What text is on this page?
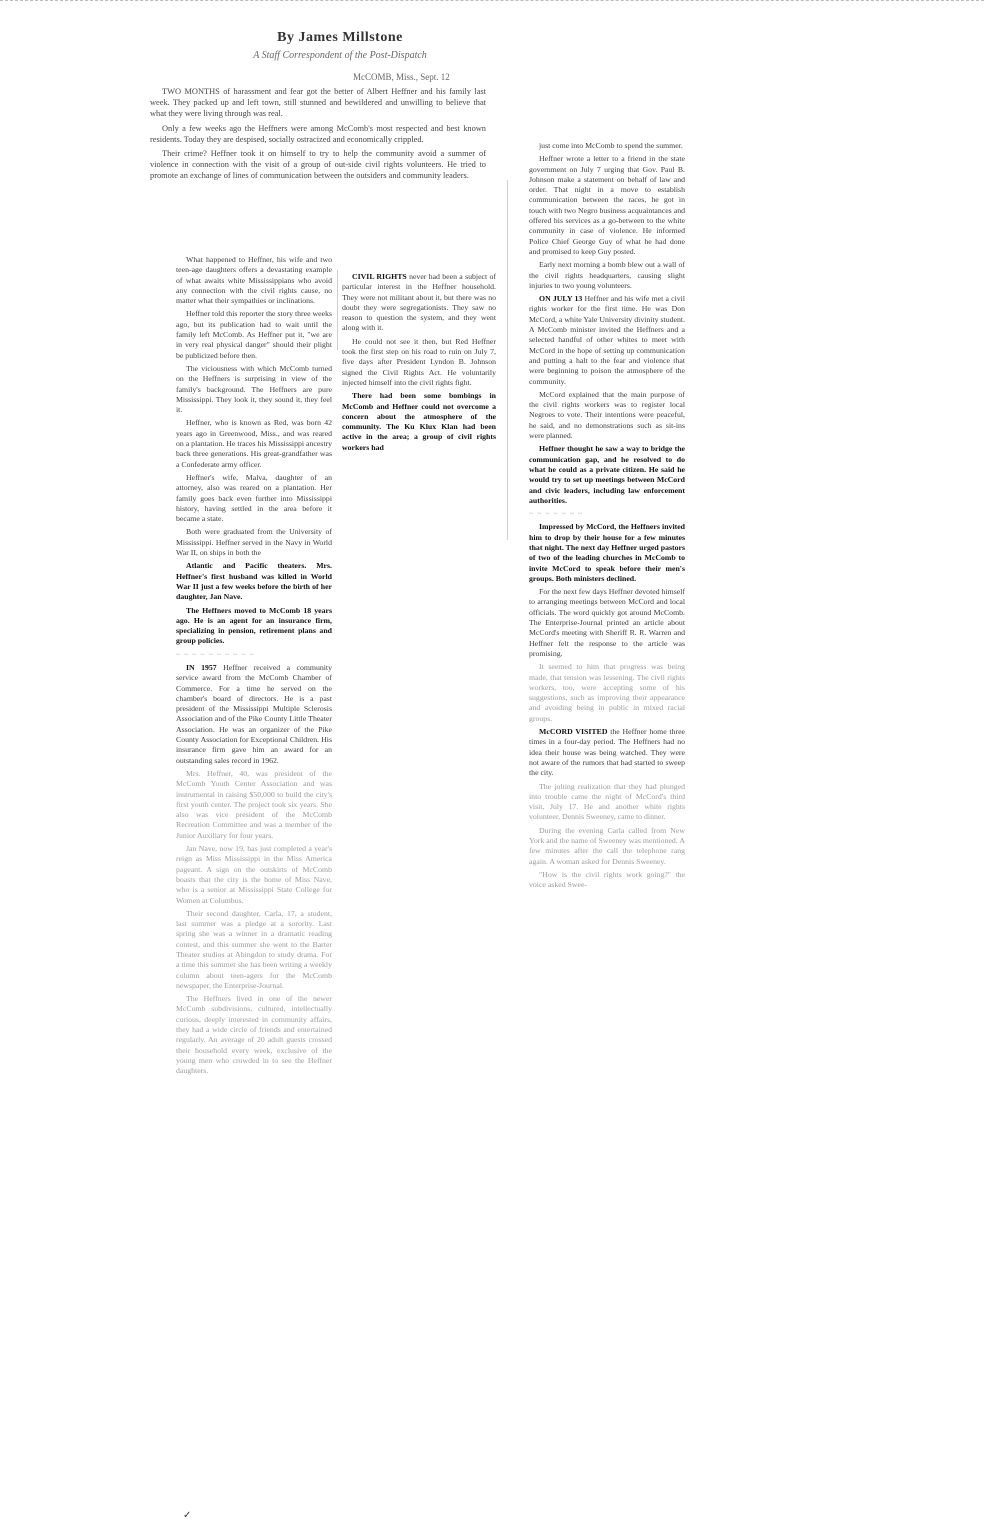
By James Millstone
A Staff Correspondent of the Post-Dispatch
McCOMB, Miss., Sept. 12

TWO MONTHS of harassment and fear got the better of Albert Heffner and his family last week. They packed up and left town, still stunned and bewildered and unwilling to believe that what they were living through was real.

Only a few weeks ago the Heffners were among McComb's most respected and best known residents. Today they are despised, socially ostracized and economically crippled.

Their crime? Heffner took it on himself to try to help the community avoid a summer of violence in connection with the visit of a group of out-side civil rights volunteers. He tried to promote an exchange of lines of communication between the outsiders and community leaders.

What happened to Heffner, his wife and two teen-age daughters offers a devastating example of what awaits white Mississippians who avoid any connection with the civil rights cause, no matter what their sympathies or inclinations.

Heffner told this reporter the story three weeks ago, but its publication had to wait until the family left McComb. As Heffner put it, "we are in very real physical danger" should their plight be publicized before then.

The viciousness with which McComb turned on the Heffners is surprising in view of the family's background. The Heffners are pure Mississippi. They look it, they sound it, they feel it.

Heffner, who is known as Red, was born 42 years ago in Greenwood, Miss., and was reared on a plantation. He traces his Mississippi ancestry back three generations. His great-grandfather was a Confederate army officer.

Heffner's wife, Malva, daughter of an attorney, also was reared on a plantation. Her family goes back even further into Mississippi history, having settled in the area before it became a state.

Both were graduated from the University of Mississippi. Heffner served in the Navy in World War II, on ships in both the

Atlantic and Pacific theaters. Mrs. Heffner's first husband was killed in World War II just a few weeks before the birth of her daughter, Jan Nave.

The Heffners moved to McComb 18 years ago. He is an agent for an insurance firm, specializing in pension, retirement plans and group policies.

~ ~ ~ ~ ~ ~ ~ ~ ~ ~

IN 1957 Heffner received a community service award from the McComb Chamber of Commerce. For a time he served on the chamber's board of directors. He is a past president of the Mississippi Multiple Sclerosis Association and of the Pike County Little Theater Association. He was an organizer of the Pike County Association for Exceptional Children. His insurance firm gave him an award for an outstanding sales record in 1962.

Mrs. Heffner, 40, was president of the McComb Youth Center Association and was instrumental in raising $50,000 to build the city's first youth center. The project took six years. She also was vice president of the McComb Recreation Committee and was a member of the Junior Auxiliary for four years.

Jan Nave, now 19, has just completed a year's reign as Miss Mississippi in the Miss America pageant. A sign on the outskirts of McComb boasts that the city is the home of Miss Nave, who is a senior at Mississippi State College for Women at Columbus.

Their second daughter, Carla, 17, a student, last summer was a pledge at a sorority. Last spring she was a winner in a dramatic reading contest, and this summer she went to the Barter Theater studios at Abingdon to study drama. For a time this summer she has been writing a weekly column about teen-agers for the McComb newspaper, the Enterprise-Journal.

The Heffners lived in one of the newer McComb subdivisions, cultured, intellectually curious, deeply interested in community affairs, they had a wide circle of friends and entertained regularly. An average of 20 adult guests crossed their household every week, exclusive of the young men who crowded in to see the Heffner daughters.

CIVIL RIGHTS never had been a subject of particular interest in the Heffner household. They were not militant about it, but there was no doubt they were segregationists. They saw no reason to question the system, and they went along with it.

He could not see it then, but Red Heffner took the first step on his road to ruin on July 7, five days after President Lyndon B. Johnson signed the Civil Rights Act. He voluntarily injected himself into the civil rights fight.

There had been some bombings in McComb and Heffner could not overcome a concern about the atmosphere of the community. The Ku Klux Klan had been active in the area; a group of civil rights workers had

just come into McComb to spend the summer.

Heffner wrote a letter to a friend in the state government on July 7 urging that Gov. Paul B. Johnson make a statement on behalf of law and order. That night in a move to establish communication between the races, he got in touch with two Negro business acquaintances and offered his services as a go-between to the white community in case of violence. He informed Police Chief George Guy of what he had done and promised to keep Guy posted.

Early next morning a bomb blew out a wall of the civil rights headquarters, causing slight injuries to two young volunteers.

ON JULY 13 Heffner and his wife met a civil rights worker for the first time. He was Don McCord, a white Yale University divinity student. A McComb minister invited the Heffners and a selected handful of other whites to meet with McCord in the hope of setting up communication and putting a halt to the fear and violence that were beginning to poison the atmosphere of the community.

McCord explained that the main purpose of the civil rights workers was to register local Negroes to vote. Their intentions were peaceful, he said, and no demonstrations such as sit-ins were planned.

Heffner thought he saw a way to bridge the communication gap, and he resolved to do what he could as a private citizen. He said he would try to set up meetings between McCord and civic leaders, including law enforcement authorities.

~ ~ ~ ~ ~ ~ ~

Impressed by McCord, the Heffners invited him to drop by their house for a few minutes that night. The next day Heffner urged pastors of two of the leading churches in McComb to invite McCord to speak before their men's groups. Both ministers declined.

For the next few days Heffner devoted himself to arranging meetings between McCord and local officials. The word quickly got around McComb. The Enterprise-Journal printed an article about McCord's meeting with Sheriff R. R. Warren and Heffner felt the response to the article was promising.

It seemed to him that progress was being made, that tension was lessening. The civil rights workers, too, were accepting some of his suggestions, such as improving their appearance and avoiding being in public in mixed racial groups.

McCORD VISITED the Heffner home three times in a four-day period. The Heffners had no idea their house was being watched. They were not aware of the rumors that had started to sweep the city.

The jolting realization that they had plunged into trouble came the night of McCord's third visit, July 17. He and another white rights volunteer, Dennis Sweeney, came to dinner.

During the evening Carla called from New York and the name of Sweeney was mentioned. A few minutes after the call the telephone rang again. A woman asked for Dennis Sweeney.

"How is the civil rights work going?" the voice asked Swee-

✓
